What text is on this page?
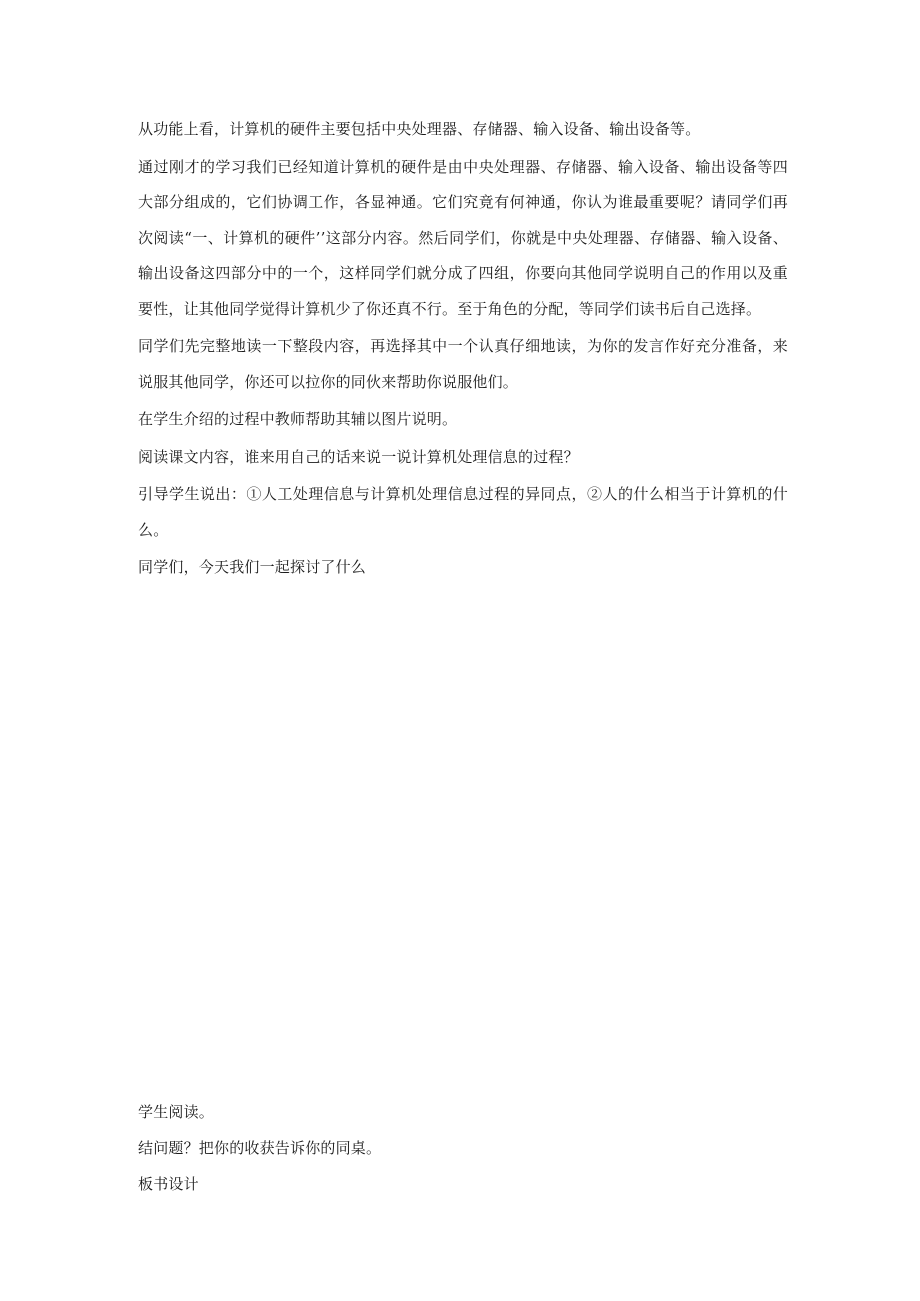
从功能上看，计算机的硬件主要包括中央处理器、存储器、输入设备、输出设备等。

通过刚才的学习我们已经知道计算机的硬件是由中央处理器、存储器、输入设备、输出设备等四大部分组成的，它们协调工作，各显神通。它们究竟有何神通，你认为谁最重要呢？请同学们再次阅读“一、计算机的硬件’’这部分内容。然后同学们，你就是中央处理器、存储器、输入设备、输出设备这四部分中的一个，这样同学们就分成了四组，你要向其他同学说明自己的作用以及重要性，让其他同学觉得计算机少了你还真不行。至于角色的分配，等同学们读书后自己选择。

同学们先完整地读一下整段内容，再选择其中一个认真仔细地读，为你的发言作好充分准备，来说服其他同学，你还可以拉你的同伙来帮助你说服他们。

在学生介绍的过程中教师帮助其辅以图片说明。

阅读课文内容，谁来用自己的话来说一说计算机处理信息的过程？

引导学生说出：①人工处理信息与计算机处理信息过程的异同点，②人的什么相当于计算机的什么。

同学们，今天我们一起探讨了什么

学生阅读。

结问题？把你的收获告诉你的同桌。

板书设计
